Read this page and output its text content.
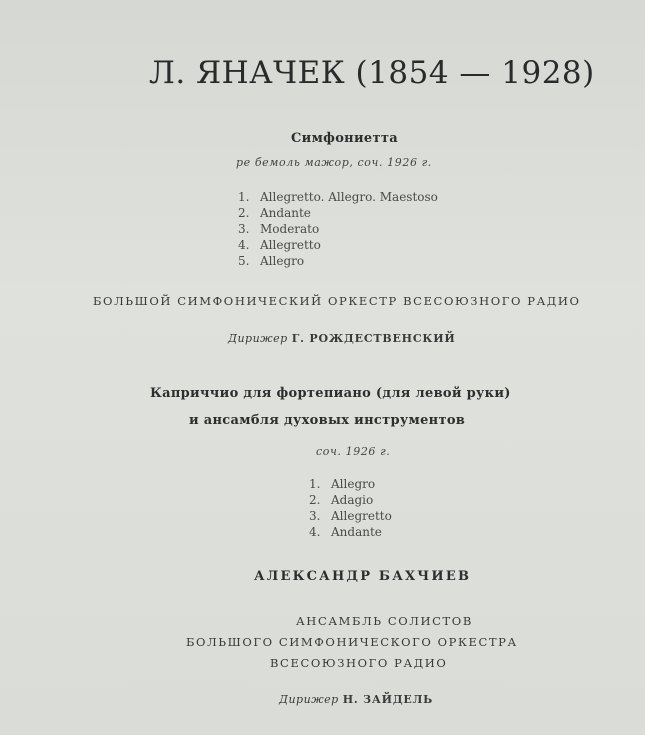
Л. ЯНАЧЕК (1854 — 1928)
Симфониетта
ре бемоль мажор, соч. 1926 г.
1. Allegretto. Allegro. Maestoso
2. Andante
3. Moderato
4. Allegretto
5. Allegro
БОЛЬШОЙ СИМФОНИЧЕСКИЙ ОРКЕСТР ВСЕСОЮЗНОГО РАДИО
Дирижер Г. РОЖДЕСТВЕНСКИЙ
Каприччио для фортепиано (для левой руки)
и ансамбля духовых инструментов
соч. 1926 г.
1. Allegro
2. Adagio
3. Allegretto
4. Andante
АЛЕКСАНДР БАХЧИЕВ
АНСАМБЛЬ СОЛИСТОВ
БОЛЬШОГО СИМФОНИЧЕСКОГО ОРКЕСТРА
ВСЕСОЮЗНОГО РАДИО
Дирижер Н. ЗАЙДЕЛЬ
